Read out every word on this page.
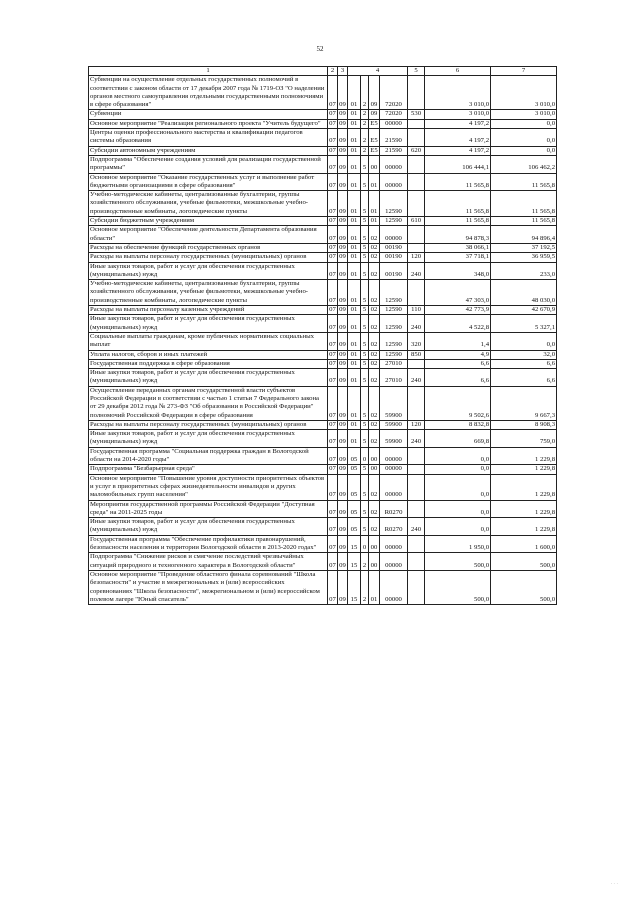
52
1	2	3	4				5	6	7
Субвенции на осуществление отдельных государственных полномочий в соответствии с законом области от 17 декабря 2007 года № 1719-ОЗ "О наделении органов местного самоуправления отдельными государственными полномочиями в сфере образования"	07	09	01	2	09	72020		3 010,0	3 010,0
Субвенции	07	09	01	2	09	72020	530	3 010,0	3 010,0
Основное мероприятие "Реализация регионального проекта "Учитель будущего"	07	09	01	2	E5	00000		4 197,2	0,0
Центры оценки профессионального мастерства и квалификации педагогов системы образования	07	09	01	2	E5	21590		4 197,2	0,0
Субсидии автономным учреждениям	07	09	01	2	E5	21590	620	4 197,2	0,0
Подпрограмма "Обеспечение создания условий для реализации государственной программы"	07	09	01	5	00	00000		106 444,1	106 462,2
Основное мероприятие "Оказание государственных услуг и выполнение работ бюджетными организациями в сфере образования"	07	09	01	5	01	00000		11 565,8	11 565,8
Учебно-методические кабинеты, централизованные бухгалтерии, группы хозяйственного обслуживания, учебные фильмотеки, межшкольные учебно-производственные комбинаты, логопедические пункты	07	09	01	5	01	12590		11 565,8	11 565,8
Субсидии бюджетным учреждениям	07	09	01	5	01	12590	610	11 565,8	11 565,8
Основное мероприятие "Обеспечение деятельности Департамента образования области"	07	09	01	5	02	00000		94 878,3	94 896,4
Расходы на обеспечение функций государственных органов	07	09	01	5	02	00190		38 066,1	37 192,5
Расходы на выплаты персоналу государственных (муниципальных) органов	07	09	01	5	02	00190	120	37 718,1	36 959,5
Иные закупки товаров, работ и услуг для обеспечения государственных (муниципальных) нужд	07	09	01	5	02	00190	240	348,0	233,0
Учебно-методические кабинеты, централизованные бухгалтерии, группы хозяйственного обслуживания, учебные фильмотеки, межшкольные учебно-производственные комбинаты, логопедические пункты	07	09	01	5	02	12590		47 303,0	48 030,0
Расходы на выплаты персоналу казенных учреждений	07	09	01	5	02	12590	110	42 773,9	42 670,9
Иные закупки товаров, работ и услуг для обеспечения государственных (муниципальных) нужд	07	09	01	5	02	12590	240	4 522,8	5 327,1
Социальные выплаты гражданам, кроме публичных нормативных социальных выплат	07	09	01	5	02	12590	320	1,4	0,0
Уплата налогов, сборов и иных платежей	07	09	01	5	02	12590	850	4,9	32,0
Государственная поддержка в сфере образования	07	09	01	5	02	27010		6,6	6,6
Иные закупки товаров, работ и услуг для обеспечения государственных (муниципальных) нужд	07	09	01	5	02	27010	240	6,6	6,6
Осуществление переданных органам государственной власти субъектов Российской Федерации в соответствии с частью 1 статьи 7 Федерального закона от 29 декабря 2012 года № 273-ФЗ "Об образовании в Российской Федерации" полномочий Российской Федерации в сфере образования	07	09	01	5	02	59900		9 502,6	9 667,3
Расходы на выплаты персоналу государственных (муниципальных) органов	07	09	01	5	02	59900	120	8 832,8	8 908,3
Иные закупки товаров, работ и услуг для обеспечения государственных (муниципальных) нужд	07	09	01	5	02	59900	240	669,8	759,0
Государственная программа "Социальная поддержка граждан в Вологодской области на 2014-2020 годы"	07	09	05	0	00	00000		0,0	1 229,8
Подпрограмма "Безбарьерная среда"	07	09	05	5	00	00000		0,0	1 229,8
Основное мероприятие "Повышение уровня доступности приоритетных объектов и услуг в приоритетных сферах жизнедеятельности инвалидов и других маломобильных групп населения"	07	09	05	5	02	00000		0,0	1 229,8
Мероприятия государственной программы Российской Федерации "Доступная среда" на 2011-2025 годы	07	09	05	5	02	R0270		0,0	1 229,8
Иные закупки товаров, работ и услуг для обеспечения государственных (муниципальных) нужд	07	09	05	5	02	R0270	240	0,0	1 229,8
Государственная программа "Обеспечение профилактики правонарушений, безопасности населения и территории Вологодской области в 2013-2020 годах"	07	09	15	0	00	00000		1 950,0	1 600,0
Подпрограмма "Снижение рисков и смягчение последствий чрезвычайных ситуаций природного и техногенного характера в Вологодской области"	07	09	15	2	00	00000		500,0	500,0
Основное мероприятие "Проведение областного финала соревнований "Школа безопасности" и участие в межрегиональных и (или) всероссийских соревнованиях "Школа безопасности", межрегиональном и (или) всероссийском полевом лагере "Юный спасатель"	07	09	15	2	01	00000		500,0	500,0
· · ·
